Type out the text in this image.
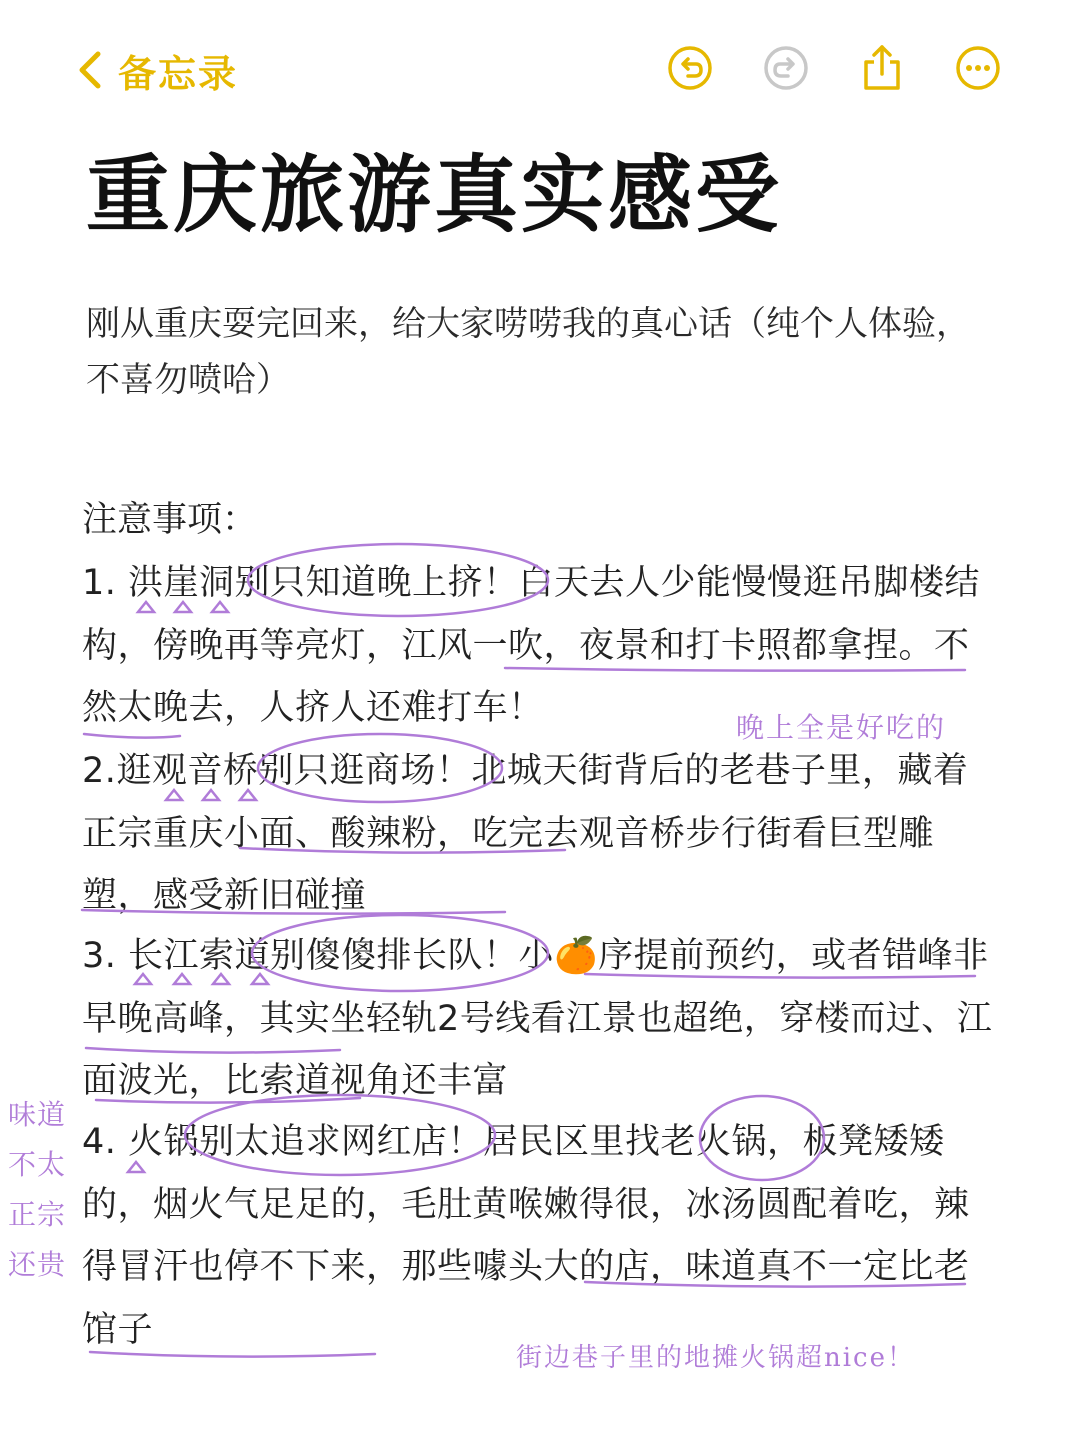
备忘录
重庆旅游真实感受
刚从重庆耍完回来，给大家唠唠我的真心话（纯个人体验，不喜勿喷哈）
注意事项：
1. 洪崖洞别只知道晚上挤！白天去人少能慢慢逛吊脚楼结构，傍晚再等亮灯，江风一吹，夜景和打卡照都拿捏。不然太晚去，人挤人还难打车！
2.逛观音桥别只逛商场！北城天街背后的老巷子里，藏着正宗重庆小面、酸辣粉，吃完去观音桥步行街看巨型雕塑，感受新旧碰撞
3. 长江索道别傻傻排长队！小🍊序提前预约，或者错峰非早晚高峰，其实坐轻轨2号线看江景也超绝，穿楼而过、江面波光，比索道视角还丰富
4. 火锅别太追求网红店！居民区里找老火锅，板凳矮矮的，烟火气足足的，毛肚黄喉嫩得很，冰汤圆配着吃，辣得冒汗也停不下来，那些噱头大的店，味道真不一定比老馆子
晚上全是好吃的
味道不太正宗还贵
街边巷子里的地摊火锅超nice！
